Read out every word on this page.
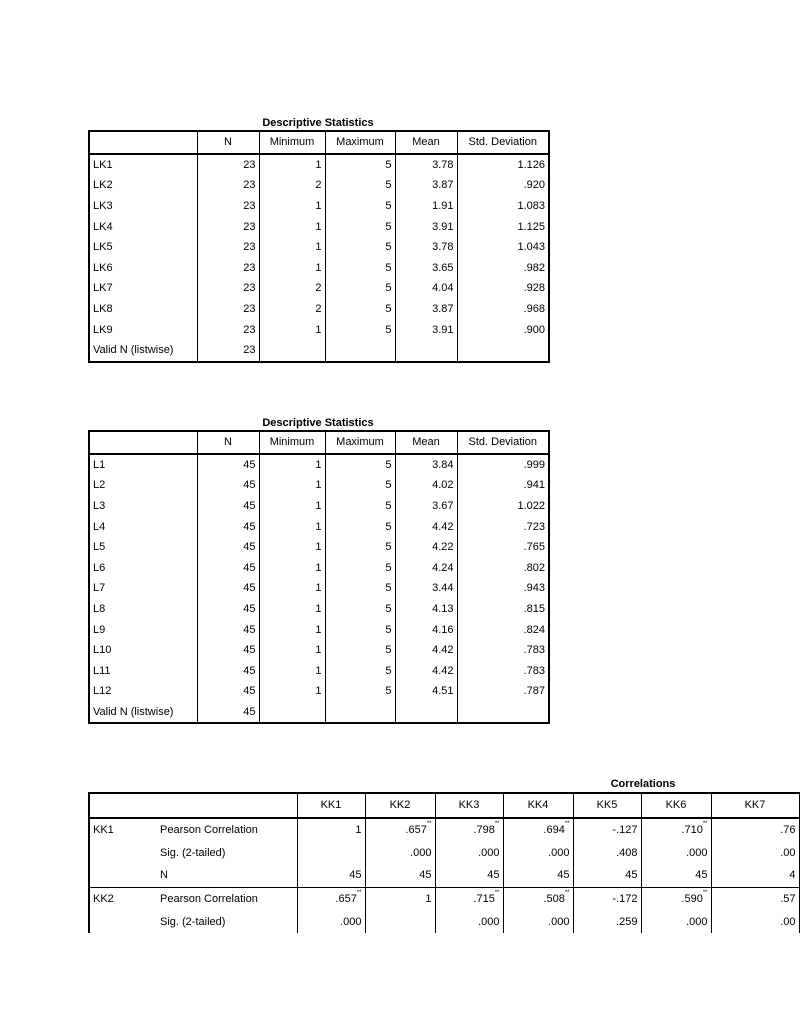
Descriptive Statistics
	N	Minimum	Maximum	Mean	Std. Deviation
LK1	23	1	5	3.78	1.126
LK2	23	2	5	3.87	.920
LK3	23	1	5	1.91	1.083
LK4	23	1	5	3.91	1.125
LK5	23	1	5	3.78	1.043
LK6	23	1	5	3.65	.982
LK7	23	2	5	4.04	.928
LK8	23	2	5	3.87	.968
LK9	23	1	5	3.91	.900
Valid N (listwise)	23				
Descriptive Statistics
	N	Minimum	Maximum	Mean	Std. Deviation
L1	45	1	5	3.84	.999
L2	45	1	5	4.02	.941
L3	45	1	5	3.67	1.022
L4	45	1	5	4.42	.723
L5	45	1	5	4.22	.765
L6	45	1	5	4.24	.802
L7	45	1	5	3.44	.943
L8	45	1	5	4.13	.815
L9	45	1	5	4.16	.824
L10	45	1	5	4.42	.783
L11	45	1	5	4.42	.783
L12	45	1	5	4.51	.787
Valid N (listwise)	45				
Correlations
		KK1	KK2	KK3	KK4	KK5	KK6	KK7
KK1	Pearson Correlation	1	.657**	.798**	.694**	-.127	.710**	.76
	Sig. (2-tailed)		.000	.000	.000	.408	.000	.00
	N	45	45	45	45	45	45	4
KK2	Pearson Correlation	.657**	1	.715**	.508**	-.172	.590**	.57
	Sig. (2-tailed)	.000		.000	.000	.259	.000	.00
